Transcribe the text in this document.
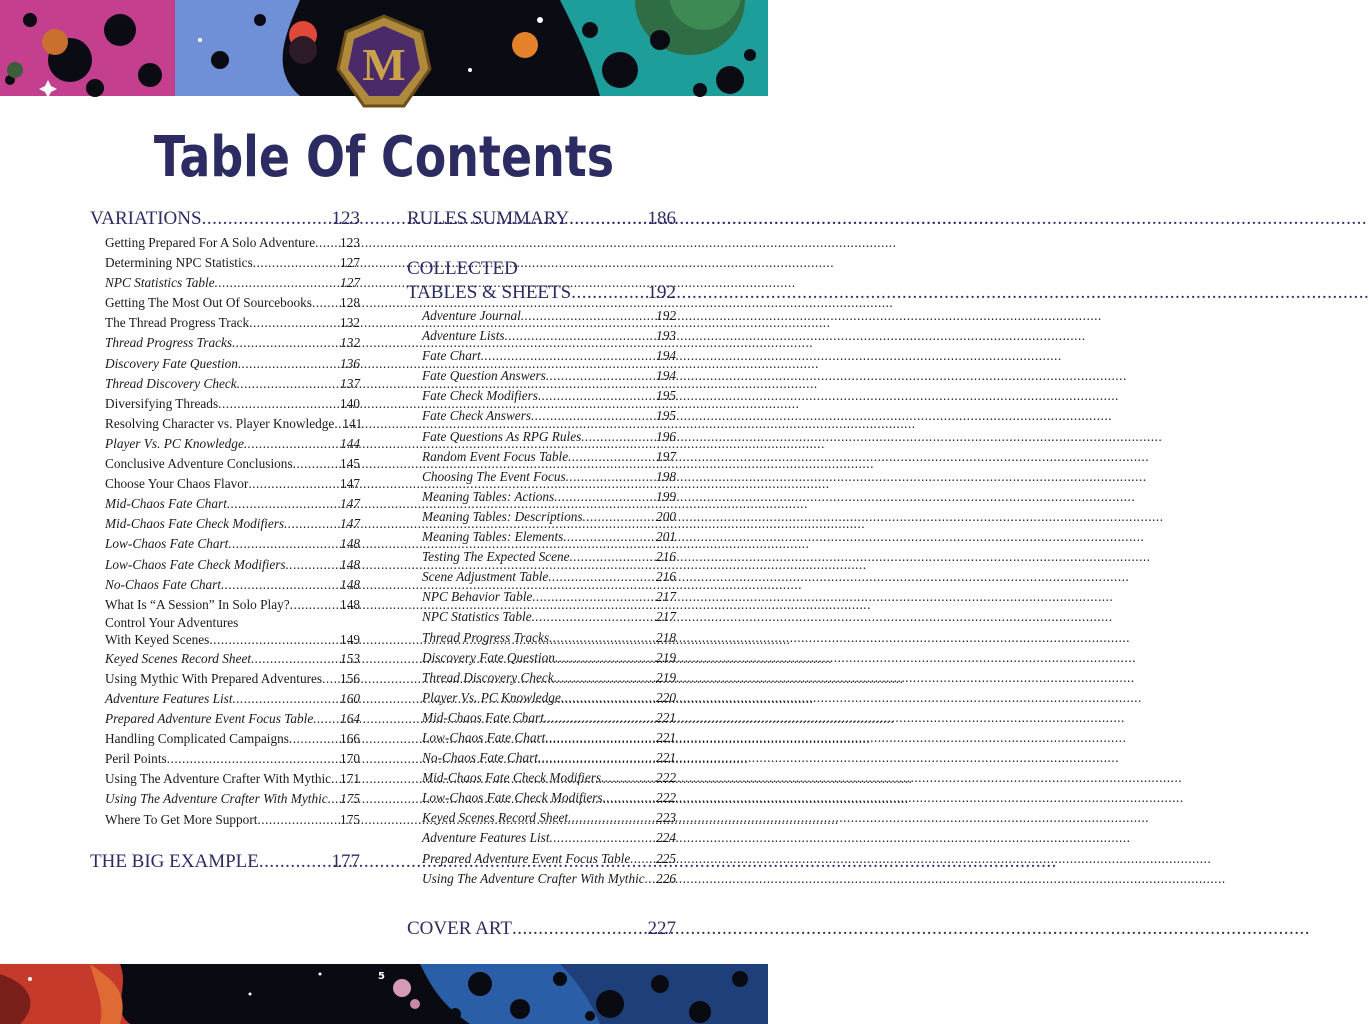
M
Table Of Contents
VARIATIONS .....	123
Getting Prepared For A Solo Adventure ..... 123
Determining NPC Statistics .....	127
NPC Statistics Table .....	127
Getting The Most Out Of Sourcebooks ..... 128
The Thread Progress Track .....	132
Thread Progress Tracks .....	132
Discovery Fate Question .....	136
Thread Discovery Check .....	137
Diversifying Threads .....	140
Resolving Character vs. Player Knowledge ..... 141
Player Vs. PC Knowledge .....	144
Conclusive Adventure Conclusions .....	145
Choose Your Chaos Flavor .....	147
Mid-Chaos Fate Chart .....	147
Mid-Chaos Fate Check Modifiers .....	147
Low-Chaos Fate Chart .....	148
Low-Chaos Fate Check Modifiers .....	148
No-Chaos Fate Chart .....	148
What Is “A Session” In Solo Play? .....	148
Control Your Adventures
With Keyed Scenes .....	149
Keyed Scenes Record Sheet .....	153
Using Mythic With Prepared Adventures ..... 156
Adventure Features List .....	160
Prepared Adventure Event Focus Table ..... 164
Handling Complicated Campaigns .....	166
Peril Points .....	170
Using The Adventure Crafter With Mythic ..... 171
Using The Adventure Crafter With Mythic ..... 175
Where To Get More Support .....	175
THE BIG EXAMPLE .....	177
RULES SUMMARY .....	186
COLLECTED
TABLES & SHEETS .....	192
Adventure Journal .....	192
Adventure Lists .....	193
Fate Chart .....	194
Fate Question Answers .....	194
Fate Check Modifiers .....	195
Fate Check Answers .....	195
Fate Questions As RPG Rules .....	196
Random Event Focus Table .....	197
Choosing The Event Focus .....	198
Meaning Tables: Actions .....	199
Meaning Tables: Descriptions .....	200
Meaning Tables: Elements .....	201
Testing The Expected Scene .....	216
Scene Adjustment Table .....	216
NPC Behavior Table .....	217
NPC Statistics Table .....	217
Thread Progress Tracks .....	218
Discovery Fate Question .....	219
Thread Discovery Check .....	219
Player Vs. PC Knowledge .....	220
Mid-Chaos Fate Chart .....	221
Low-Chaos Fate Chart .....	221
No-Chaos Fate Chart .....	221
Mid-Chaos Fate Check Modifiers .....	222
Low-Chaos Fate Check Modifiers .....	222
Keyed Scenes Record Sheet .....	223
Adventure Features List .....	224
Prepared Adventure Event Focus Table ..... 225
Using The Adventure Crafter With Mythic ..... 226
COVER ART .....	227
5
